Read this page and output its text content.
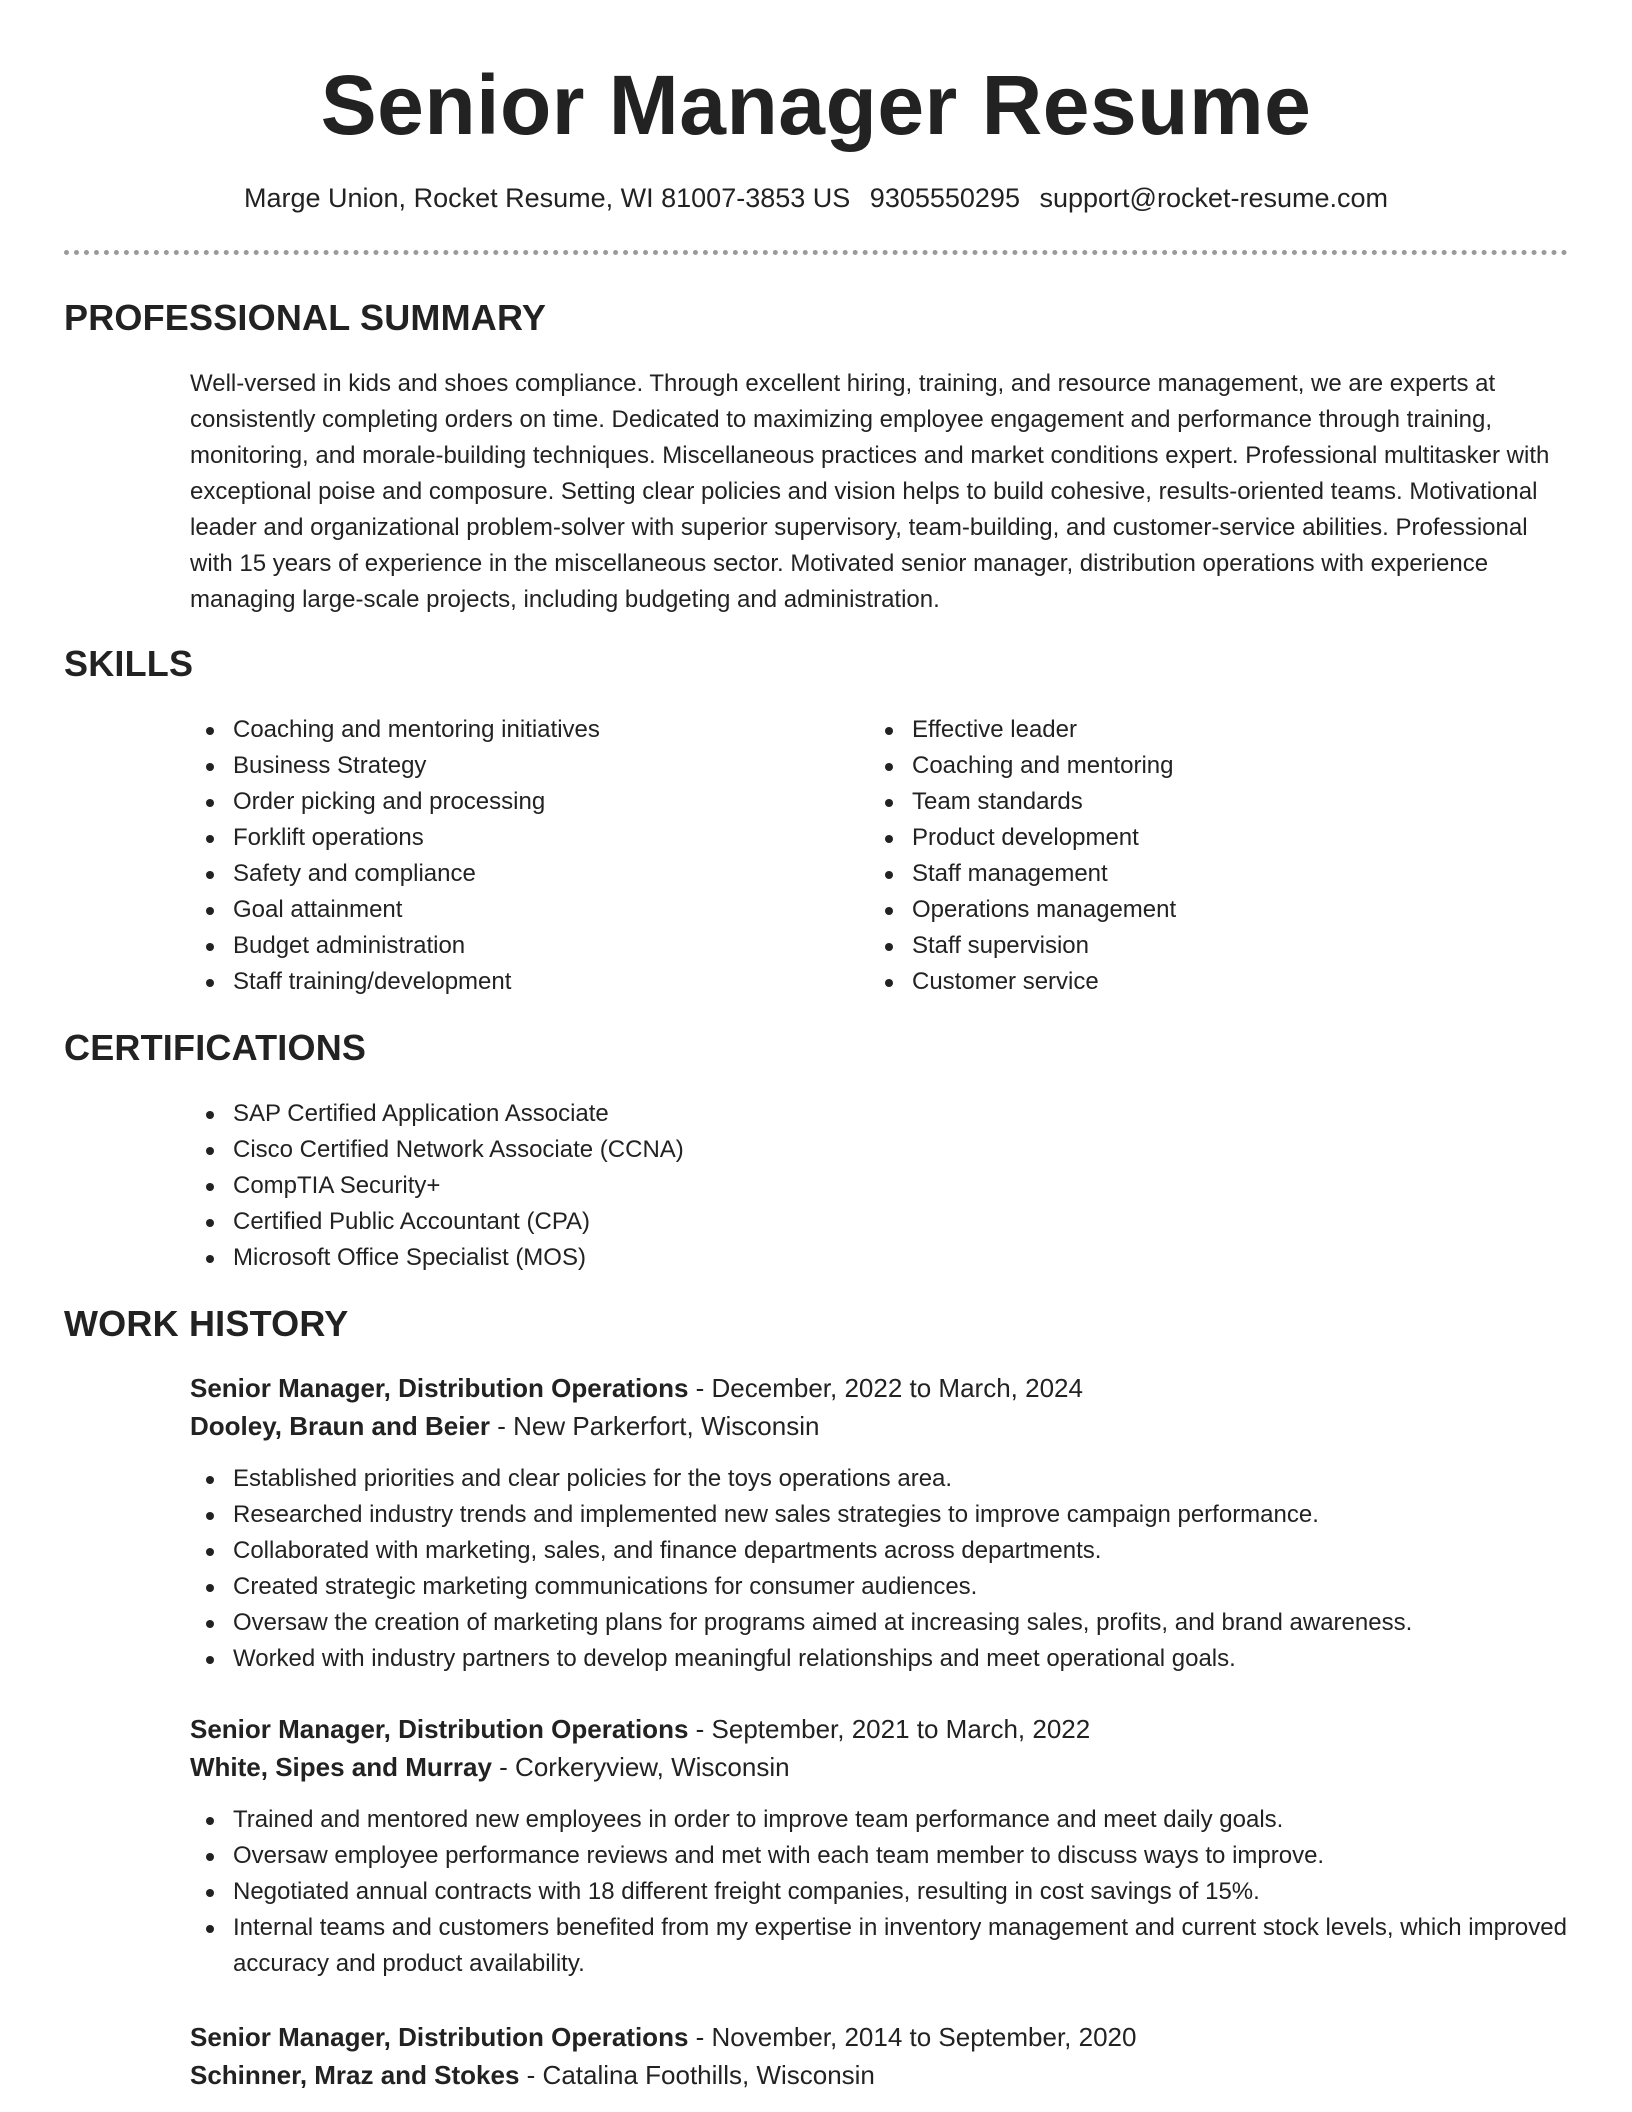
Senior Manager Resume
Marge Union, Rocket Resume, WI 81007-3853 US 9305550295 support@rocket-resume.com
PROFESSIONAL SUMMARY
Well-versed in kids and shoes compliance. Through excellent hiring, training, and resource management, we are experts at consistently completing orders on time. Dedicated to maximizing employee engagement and performance through training, monitoring, and morale-building techniques. Miscellaneous practices and market conditions expert. Professional multitasker with exceptional poise and composure. Setting clear policies and vision helps to build cohesive, results-oriented teams. Motivational leader and organizational problem-solver with superior supervisory, team-building, and customer-service abilities. Professional with 15 years of experience in the miscellaneous sector. Motivated senior manager, distribution operations with experience managing large-scale projects, including budgeting and administration.
SKILLS
Coaching and mentoring initiatives
Business Strategy
Order picking and processing
Forklift operations
Safety and compliance
Goal attainment
Budget administration
Staff training/development
Effective leader
Coaching and mentoring
Team standards
Product development
Staff management
Operations management
Staff supervision
Customer service
CERTIFICATIONS
SAP Certified Application Associate
Cisco Certified Network Associate (CCNA)
CompTIA Security+
Certified Public Accountant (CPA)
Microsoft Office Specialist (MOS)
WORK HISTORY
Senior Manager, Distribution Operations - December, 2022 to March, 2024
Dooley, Braun and Beier - New Parkerfort, Wisconsin
Established priorities and clear policies for the toys operations area.
Researched industry trends and implemented new sales strategies to improve campaign performance.
Collaborated with marketing, sales, and finance departments across departments.
Created strategic marketing communications for consumer audiences.
Oversaw the creation of marketing plans for programs aimed at increasing sales, profits, and brand awareness.
Worked with industry partners to develop meaningful relationships and meet operational goals.
Senior Manager, Distribution Operations - September, 2021 to March, 2022
White, Sipes and Murray - Corkeryview, Wisconsin
Trained and mentored new employees in order to improve team performance and meet daily goals.
Oversaw employee performance reviews and met with each team member to discuss ways to improve.
Negotiated annual contracts with 18 different freight companies, resulting in cost savings of 15%.
Internal teams and customers benefited from my expertise in inventory management and current stock levels, which improved accuracy and product availability.
Senior Manager, Distribution Operations - November, 2014 to September, 2020
Schinner, Mraz and Stokes - Catalina Foothills, Wisconsin
